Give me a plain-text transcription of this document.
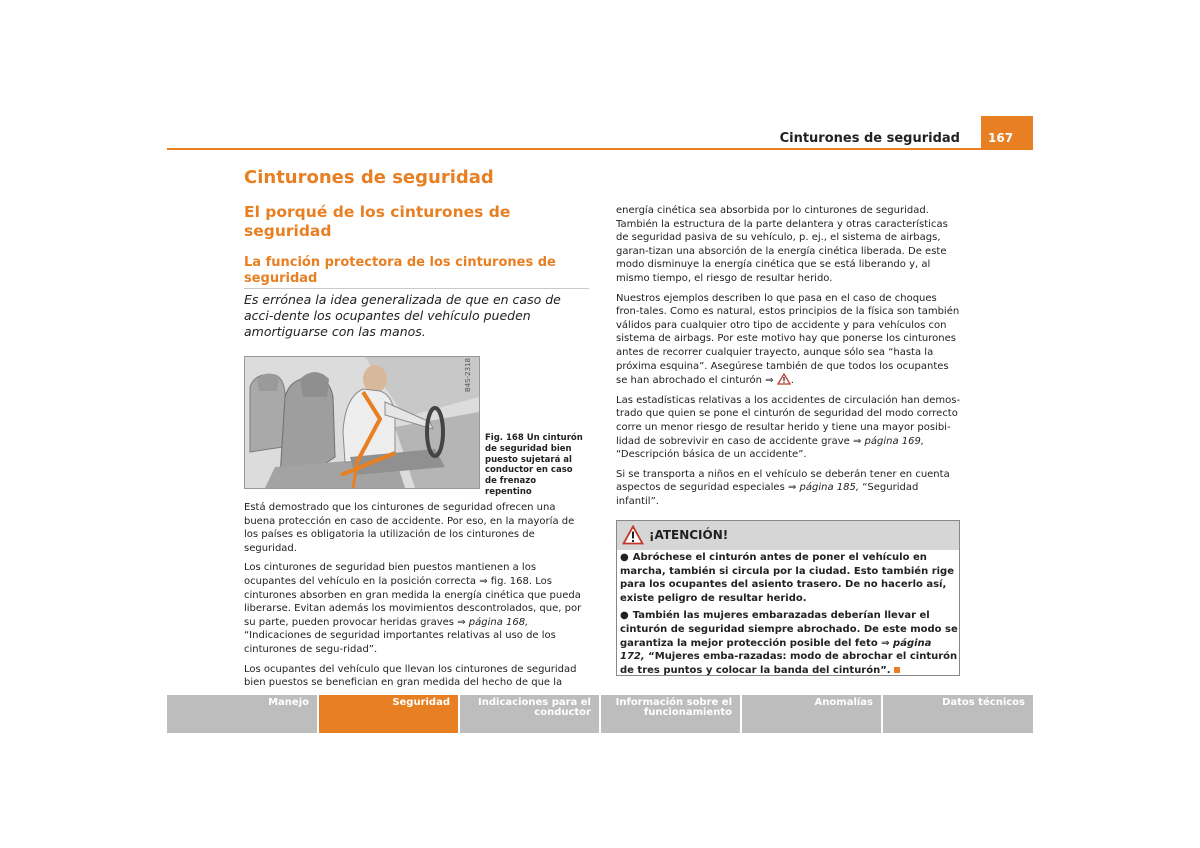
Cinturones de seguridad	167
Cinturones de seguridad
El porqué de los cinturones de seguridad
La función protectora de los cinturones de seguridad
Es errónea la idea generalizada de que en caso de acci-dente los ocupantes del vehículo pueden amortiguarse con las manos.
B4S-2318
Fig. 168 Un cinturón de seguridad bien puesto sujetará al conductor en caso de frenazo repentino

Está demostrado que los cinturones de seguridad ofrecen una buena protección en caso de accidente. Por eso, en la mayoría de los países es obligatoria la utilización de los cinturones de seguridad.

Los cinturones de seguridad bien puestos mantienen a los ocupantes del vehículo en la posición correcta ⇒ fig. 168. Los cinturones absorben en gran medida la energía cinética que pueda liberarse. Evitan además los movimientos descontrolados, que, por su parte, pueden provocar heridas graves ⇒ página 168, “Indicaciones de seguridad importantes relativas al uso de los cinturones de segu-ridad”.

Los ocupantes del vehículo que llevan los cinturones de seguridad bien puestos se benefician en gran medida del hecho de que la

energía cinética sea absorbida por lo cinturones de seguridad. También la estructura de la parte delantera y otras características de seguridad pasiva de su vehículo, p. ej., el sistema de airbags, garan-tizan una absorción de la energía cinética liberada. De este modo disminuye la energía cinética que se está liberando y, al mismo tiempo, el riesgo de resultar herido.

Nuestros ejemplos describen lo que pasa en el caso de choques fron-tales. Como es natural, estos principios de la física son también válidos para cualquier otro tipo de accidente y para vehículos con sistema de airbags. Por este motivo hay que ponerse los cinturones antes de recorrer cualquier trayecto, aunque sólo sea “hasta la próxima esquina”. Asegúrese también de que todos los ocupantes se han abrochado el cinturón ⇒ .

Las estadísticas relativas a los accidentes de circulación han demos-trado que quien se pone el cinturón de seguridad del modo correcto corre un menor riesgo de resultar herido y tiene una mayor posibi-lidad de sobrevivir en caso de accidente grave ⇒ página 169, “Descripción básica de un accidente”.

Si se transporta a niños en el vehículo se deberán tener en cuenta aspectos de seguridad especiales ⇒ página 185, “Seguridad infantil”.

¡ATENCIÓN!

● Abróchese el cinturón antes de poner el vehículo en marcha, también si circula por la ciudad. Esto también rige para los ocupantes del asiento trasero. De no hacerlo así, existe peligro de resultar herido.

● También las mujeres embarazadas deberían llevar el cinturón de seguridad siempre abrochado. De este modo se garantiza la mejor protección posible del feto ⇒ página 172, “Mujeres emba-razadas: modo de abrochar el cinturón de tres puntos y colocar la banda del cinturón”.

Manejo	Seguridad	Indicaciones para el conductor
Información sobre el funcionamiento
Anomalías	Datos técnicos
